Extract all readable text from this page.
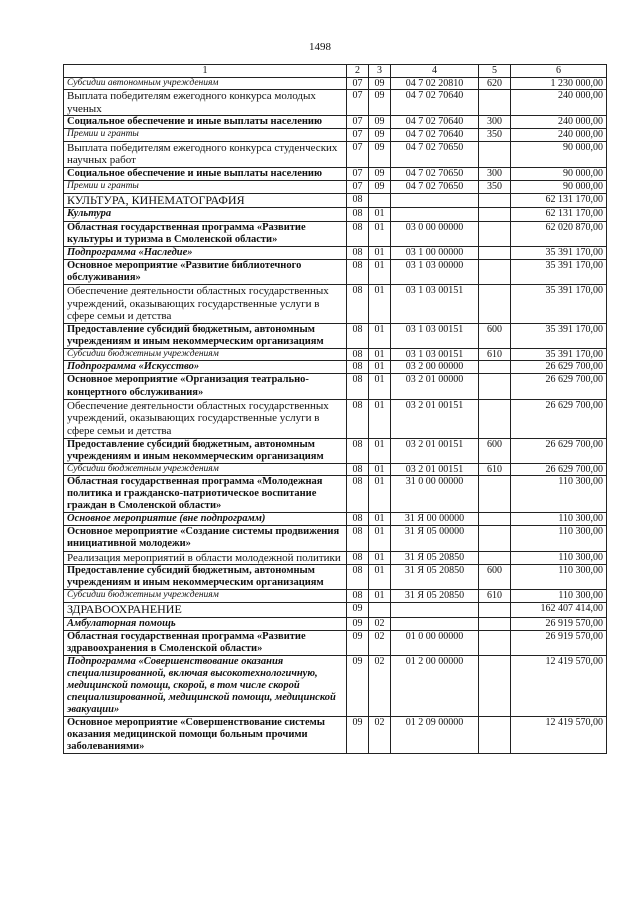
1498
1	2	3	4	5	6
Субсидии автономным учреждениям	07	09	04 7 02 20810	620	1 230 000,00
Выплата победителям ежегодного конкурса молодых ученых	07	09	04 7 02 70640		240 000,00
Социальное обеспечение и иные выплаты населению	07	09	04 7 02 70640	300	240 000,00
Премии и гранты	07	09	04 7 02 70640	350	240 000,00
Выплата победителям ежегодного конкурса студенческих научных работ	07	09	04 7 02 70650		90 000,00
Социальное обеспечение и иные выплаты населению	07	09	04 7 02 70650	300	90 000,00
Премии и гранты	07	09	04 7 02 70650	350	90 000,00
КУЛЬТУРА, КИНЕМАТОГРАФИЯ	08				62 131 170,00
Культура	08	01			62 131 170,00
Областная государственная программа «Развитие культуры и туризма в Смоленской области»	08	01	03 0 00 00000		62 020 870,00
Подпрограмма «Наследие»	08	01	03 1 00 00000		35 391 170,00
Основное мероприятие «Развитие библиотечного обслуживания»	08	01	03 1 03 00000		35 391 170,00
Обеспечение деятельности областных государственных учреждений, оказывающих государственные услуги в сфере семьи и детства	08	01	03 1 03 00151		35 391 170,00
Предоставление субсидий бюджетным, автономным учреждениям и иным некоммерческим организациям	08	01	03 1 03 00151	600	35 391 170,00
Субсидии бюджетным учреждениям	08	01	03 1 03 00151	610	35 391 170,00
Подпрограмма «Искусство»	08	01	03 2 00 00000		26 629 700,00
Основное мероприятие «Организация театрально-концертного обслуживания»	08	01	03 2 01 00000		26 629 700,00
Обеспечение деятельности областных государственных учреждений, оказывающих государственные услуги в сфере семьи и детства	08	01	03 2 01 00151		26 629 700,00
Предоставление субсидий бюджетным, автономным учреждениям и иным некоммерческим организациям	08	01	03 2 01 00151	600	26 629 700,00
Субсидии бюджетным учреждениям	08	01	03 2 01 00151	610	26 629 700,00
Областная государственная программа «Молодежная политика и гражданско-патриотическое воспитание граждан в Смоленской области»	08	01	31 0 00 00000		110 300,00
Основное мероприятие (вне подпрограмм)	08	01	31 Я 00 00000		110 300,00
Основное мероприятие «Создание системы продвижения инициативной молодежи»	08	01	31 Я 05 00000		110 300,00
Реализация мероприятий в области молодежной политики	08	01	31 Я 05 20850		110 300,00
Предоставление субсидий бюджетным, автономным учреждениям и иным некоммерческим организациям	08	01	31 Я 05 20850	600	110 300,00
Субсидии бюджетным учреждениям	08	01	31 Я 05 20850	610	110 300,00
ЗДРАВООХРАНЕНИЕ	09				162 407 414,00
Амбулаторная помощь	09	02			26 919 570,00
Областная государственная программа «Развитие здравоохранения в Смоленской области»	09	02	01 0 00 00000		26 919 570,00
Подпрограмма «Совершенствование оказания специализированной, включая высокотехнологичную, медицинской помощи, скорой, в том числе скорой специализированной, медицинской помощи, медицинской эвакуации»	09	02	01 2 00 00000		12 419 570,00
Основное мероприятие «Совершенствование системы оказания медицинской помощи больным прочими заболеваниями»	09	02	01 2 09 00000		12 419 570,00
